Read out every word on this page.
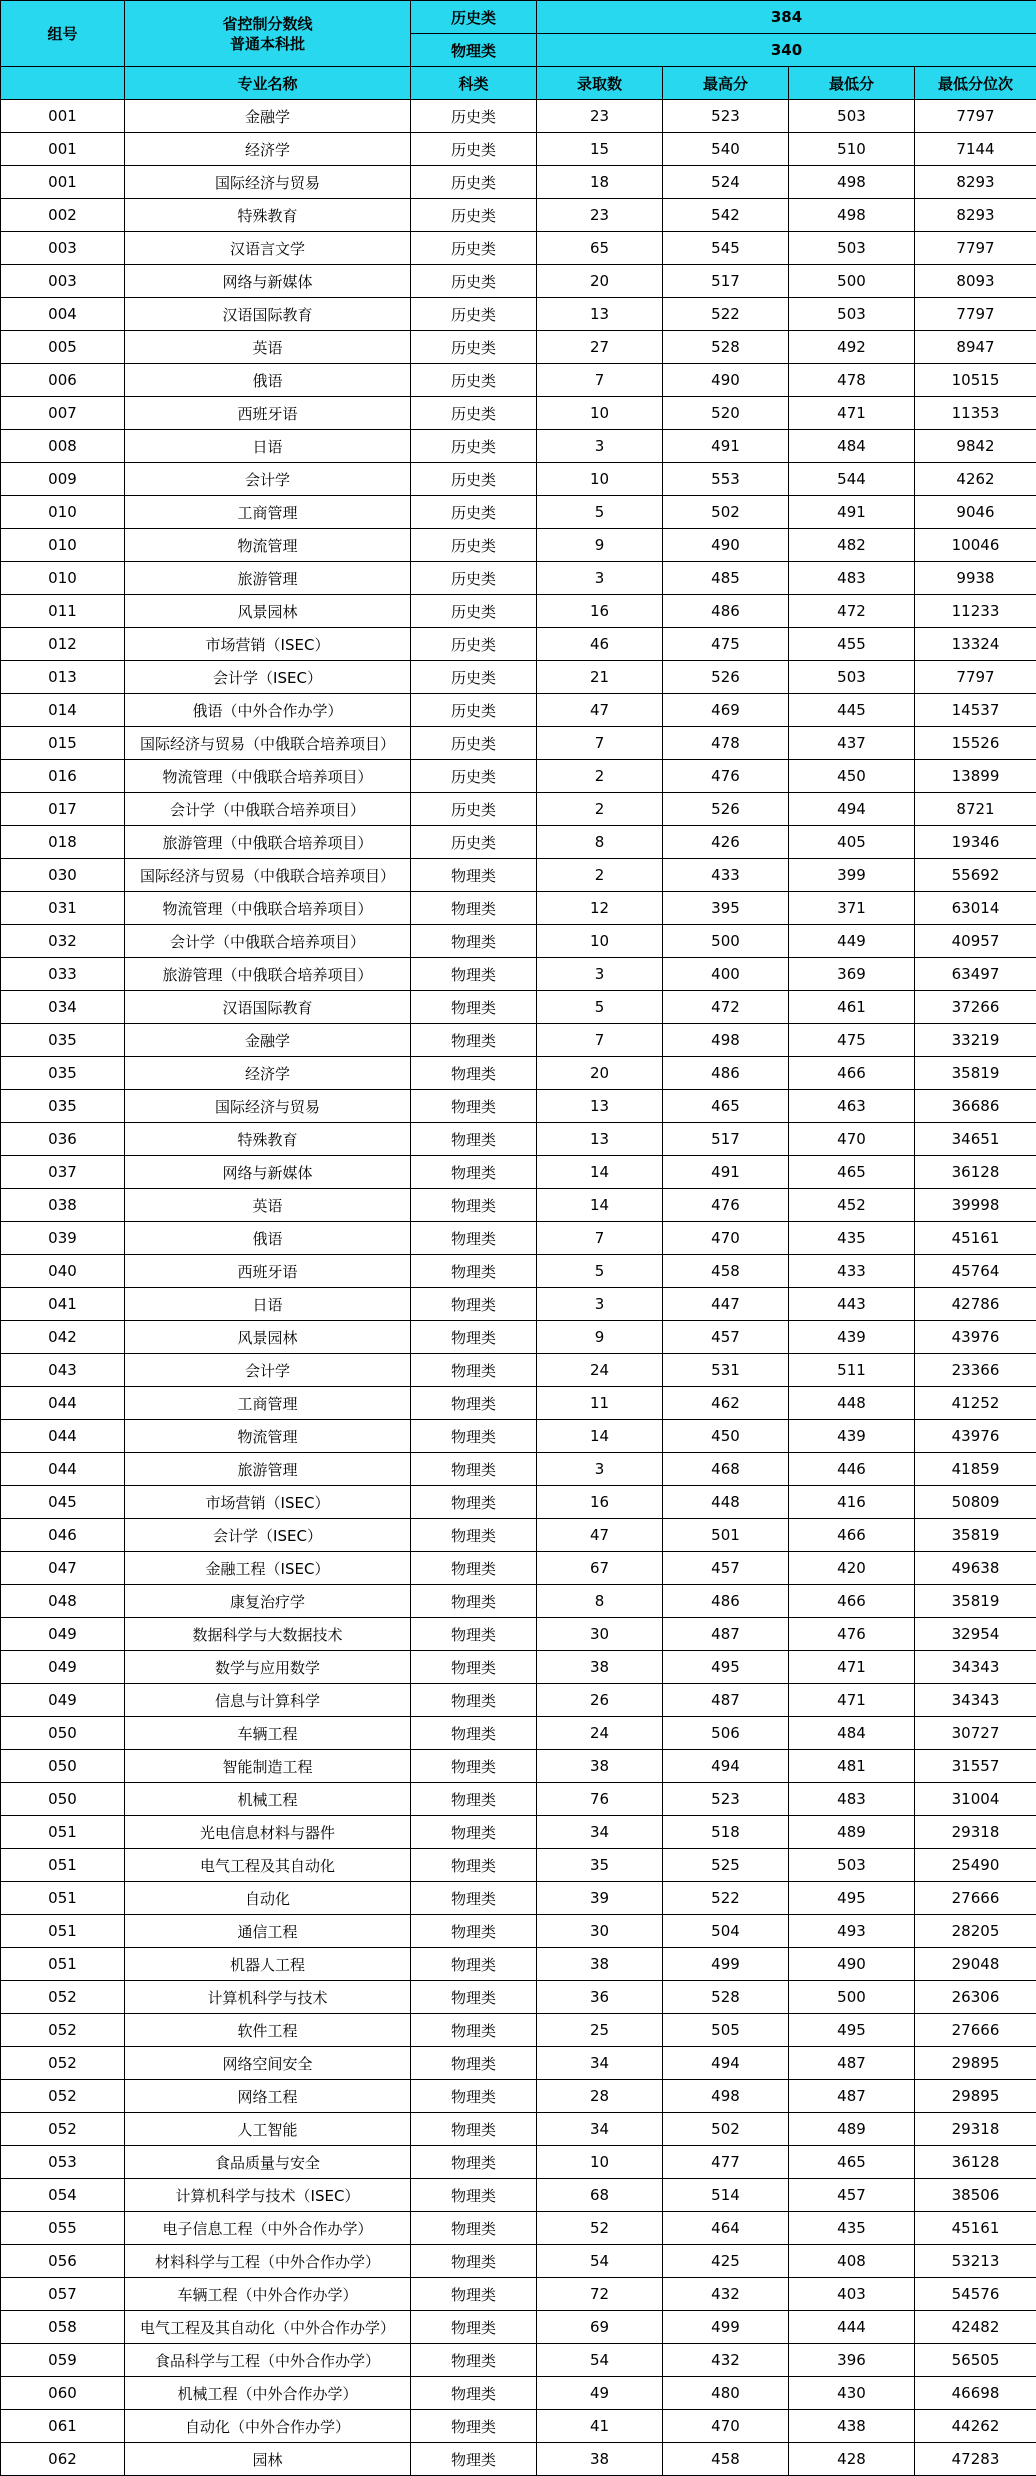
组号	省控制分数线
普通本科批	历史类	384			
		物理类	340			
	专业名称	科类	录取数	最高分	最低分	最低分位次
001	金融学	历史类	23	523	503	7797
001	经济学	历史类	15	540	510	7144
001	国际经济与贸易	历史类	18	524	498	8293
002	特殊教育	历史类	23	542	498	8293
003	汉语言文学	历史类	65	545	503	7797
003	网络与新媒体	历史类	20	517	500	8093
004	汉语国际教育	历史类	13	522	503	7797
005	英语	历史类	27	528	492	8947
006	俄语	历史类	7	490	478	10515
007	西班牙语	历史类	10	520	471	11353
008	日语	历史类	3	491	484	9842
009	会计学	历史类	10	553	544	4262
010	工商管理	历史类	5	502	491	9046
010	物流管理	历史类	9	490	482	10046
010	旅游管理	历史类	3	485	483	9938
011	风景园林	历史类	16	486	472	11233
012	市场营销（ISEC）	历史类	46	475	455	13324
013	会计学（ISEC）	历史类	21	526	503	7797
014	俄语（中外合作办学）	历史类	47	469	445	14537
015	国际经济与贸易（中俄联合培养项目）	历史类	7	478	437	15526
016	物流管理（中俄联合培养项目）	历史类	2	476	450	13899
017	会计学（中俄联合培养项目）	历史类	2	526	494	8721
018	旅游管理（中俄联合培养项目）	历史类	8	426	405	19346
030	国际经济与贸易（中俄联合培养项目）	物理类	2	433	399	55692
031	物流管理（中俄联合培养项目）	物理类	12	395	371	63014
032	会计学（中俄联合培养项目）	物理类	10	500	449	40957
033	旅游管理（中俄联合培养项目）	物理类	3	400	369	63497
034	汉语国际教育	物理类	5	472	461	37266
035	金融学	物理类	7	498	475	33219
035	经济学	物理类	20	486	466	35819
035	国际经济与贸易	物理类	13	465	463	36686
036	特殊教育	物理类	13	517	470	34651
037	网络与新媒体	物理类	14	491	465	36128
038	英语	物理类	14	476	452	39998
039	俄语	物理类	7	470	435	45161
040	西班牙语	物理类	5	458	433	45764
041	日语	物理类	3	447	443	42786
042	风景园林	物理类	9	457	439	43976
043	会计学	物理类	24	531	511	23366
044	工商管理	物理类	11	462	448	41252
044	物流管理	物理类	14	450	439	43976
044	旅游管理	物理类	3	468	446	41859
045	市场营销（ISEC）	物理类	16	448	416	50809
046	会计学（ISEC）	物理类	47	501	466	35819
047	金融工程（ISEC）	物理类	67	457	420	49638
048	康复治疗学	物理类	8	486	466	35819
049	数据科学与大数据技术	物理类	30	487	476	32954
049	数学与应用数学	物理类	38	495	471	34343
049	信息与计算科学	物理类	26	487	471	34343
050	车辆工程	物理类	24	506	484	30727
050	智能制造工程	物理类	38	494	481	31557
050	机械工程	物理类	76	523	483	31004
051	光电信息材料与器件	物理类	34	518	489	29318
051	电气工程及其自动化	物理类	35	525	503	25490
051	自动化	物理类	39	522	495	27666
051	通信工程	物理类	30	504	493	28205
051	机器人工程	物理类	38	499	490	29048
052	计算机科学与技术	物理类	36	528	500	26306
052	软件工程	物理类	25	505	495	27666
052	网络空间安全	物理类	34	494	487	29895
052	网络工程	物理类	28	498	487	29895
052	人工智能	物理类	34	502	489	29318
053	食品质量与安全	物理类	10	477	465	36128
054	计算机科学与技术（ISEC）	物理类	68	514	457	38506
055	电子信息工程（中外合作办学）	物理类	52	464	435	45161
056	材料科学与工程（中外合作办学）	物理类	54	425	408	53213
057	车辆工程（中外合作办学）	物理类	72	432	403	54576
058	电气工程及其自动化（中外合作办学）	物理类	69	499	444	42482
059	食品科学与工程（中外合作办学）	物理类	54	432	396	56505
060	机械工程（中外合作办学）	物理类	49	480	430	46698
061	自动化（中外合作办学）	物理类	41	470	438	44262
062	园林	物理类	38	458	428	47283
